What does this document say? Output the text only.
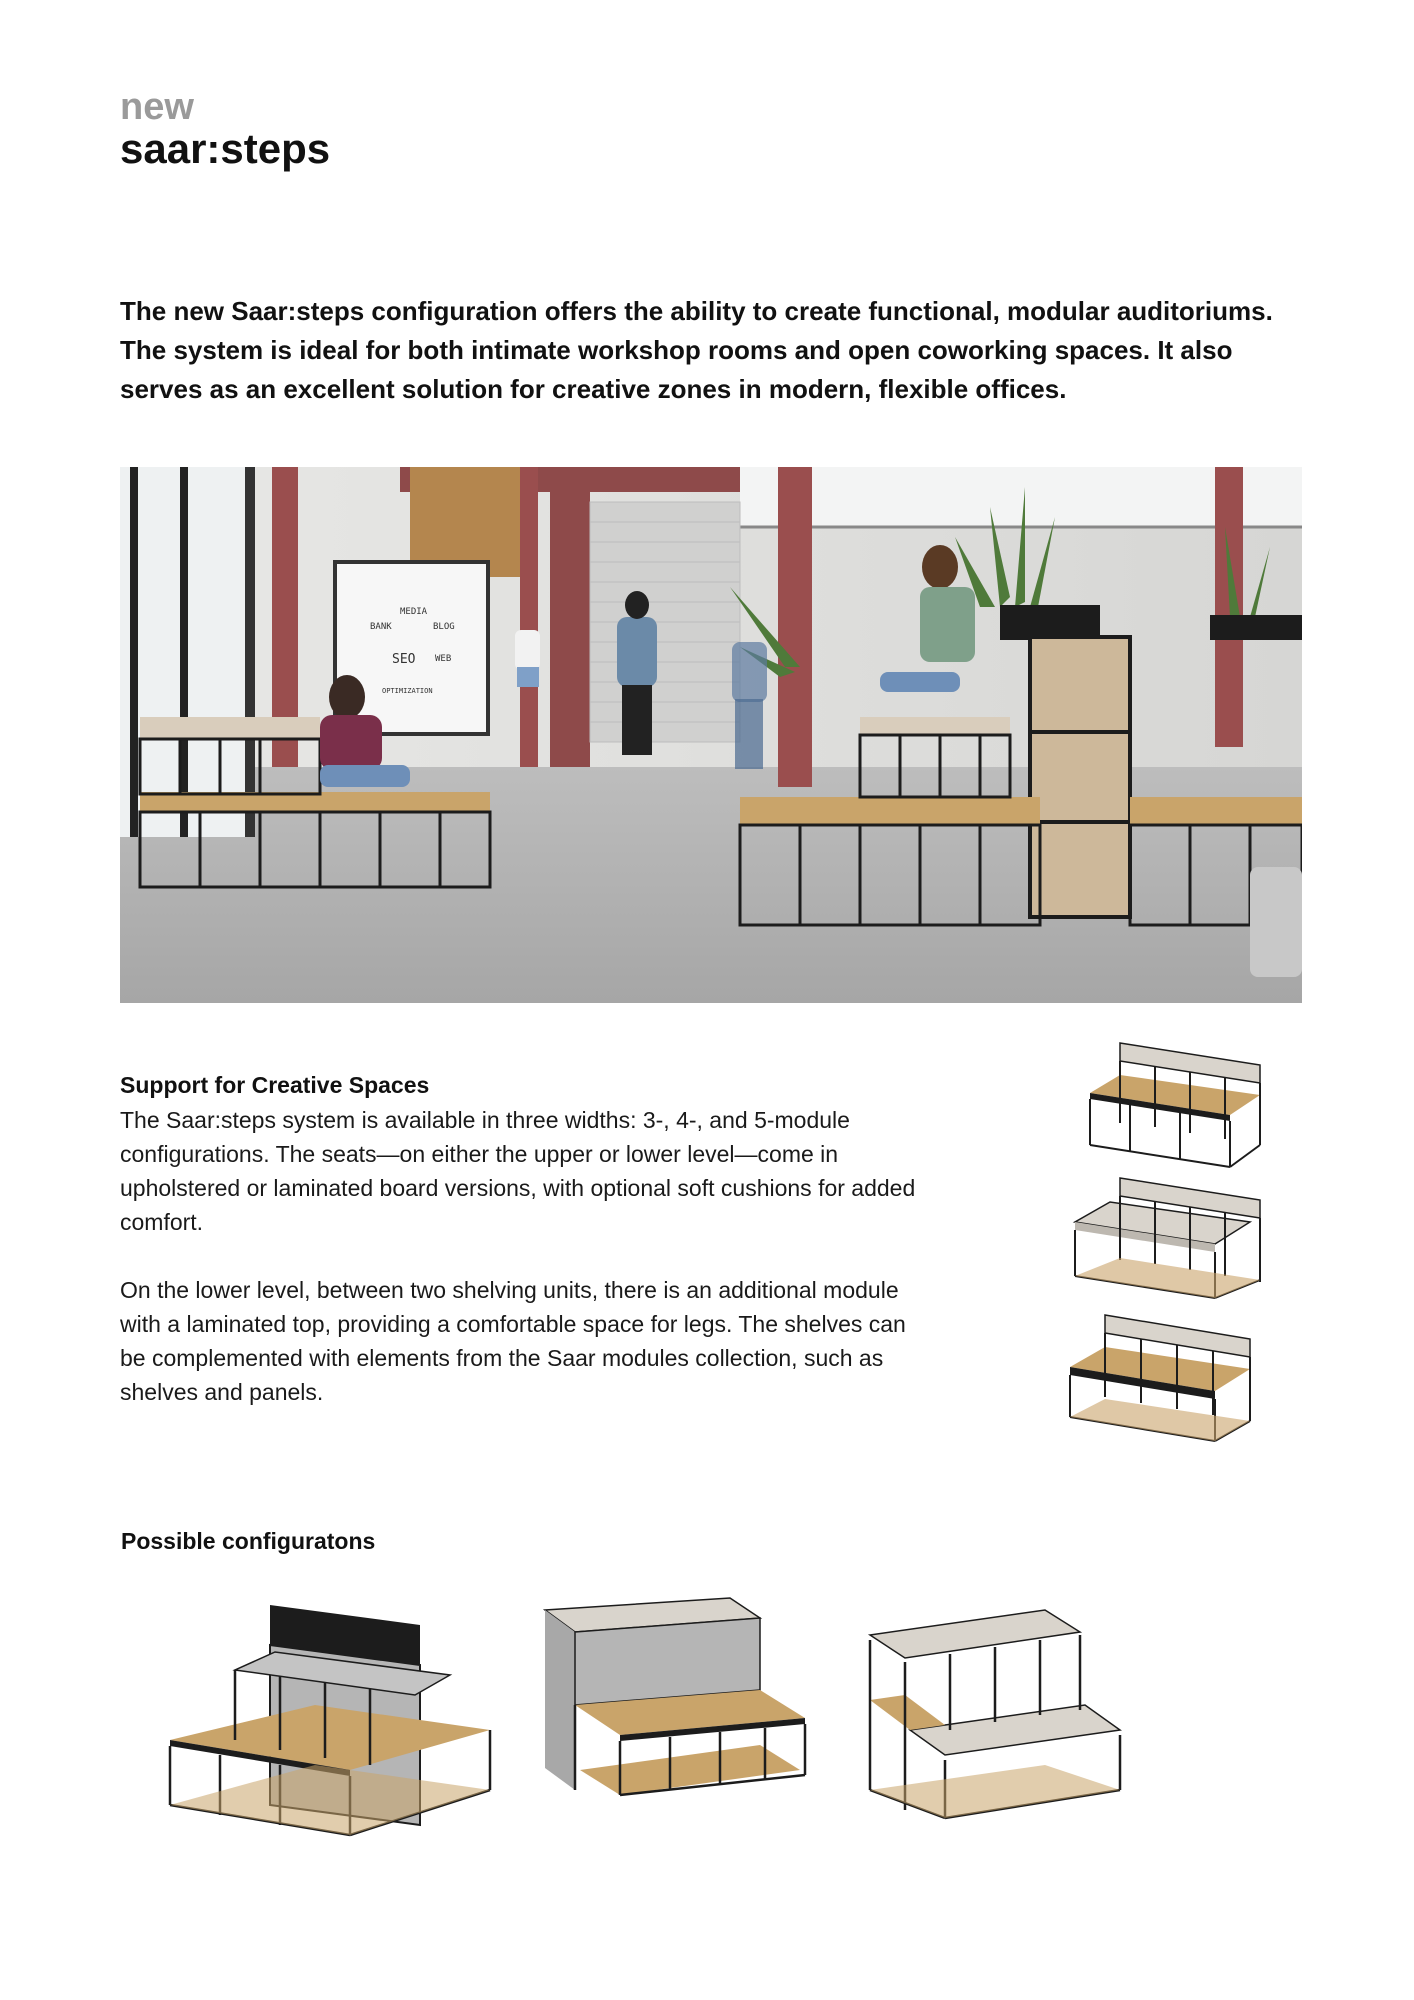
new
saar:steps

The new Saar:steps configuration offers the ability to create functional, modular auditoriums. The system is ideal for both intimate workshop rooms and open coworking spaces. It also serves as an excellent solution for creative zones in modern, flexible offices.

MEDIA
BANK	BLOG
SEO WEB
OPTIMIZATION
Support for Creative Spaces

The Saar:steps system is available in three widths: 3-, 4-, and 5-module configurations. The seats—on either the upper or lower level—come in upholstered or laminated board versions, with optional soft cushions for added comfort.

On the lower level, between two shelving units, there is an additional module with a laminated top, providing a comfortable space for legs. The shelves can be complemented with elements from the Saar modules collection, such as shelves and panels.

Possible configuratons
